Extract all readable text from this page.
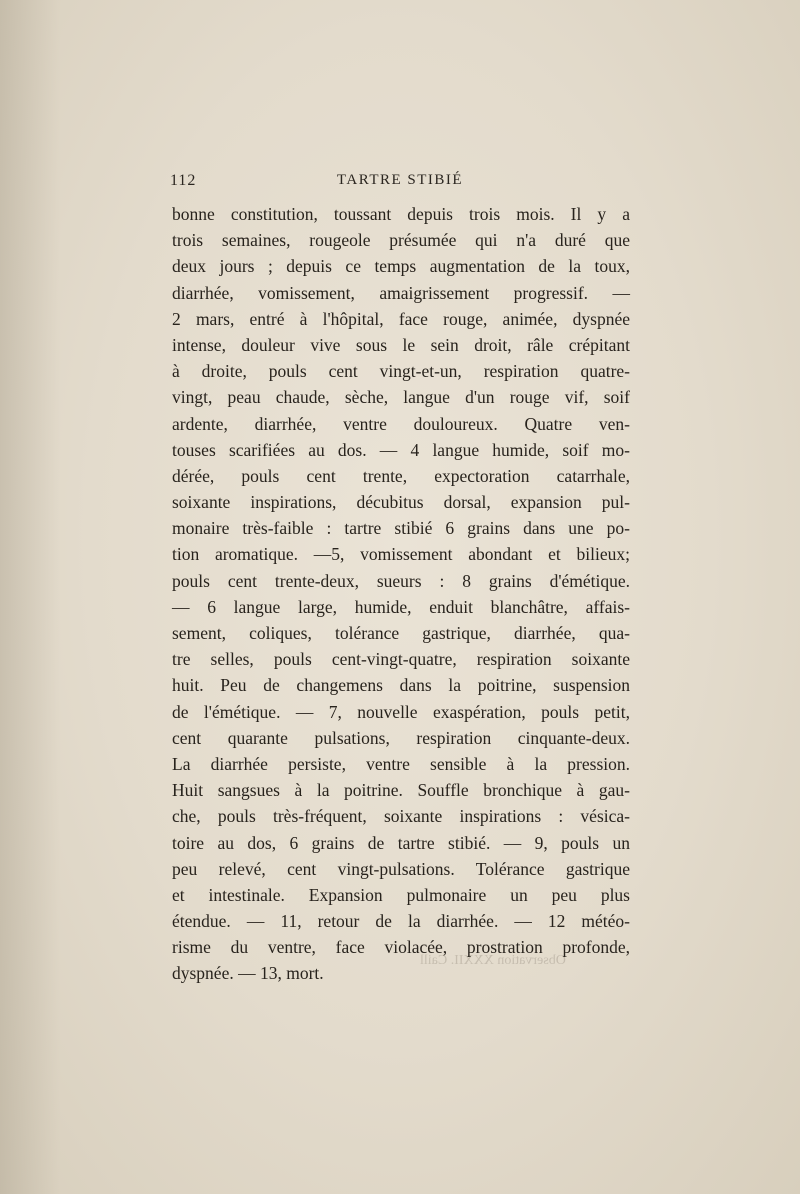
112	TARTRE STIBIÉ
bonne constitution, toussant depuis trois mois. Il y a
trois semaines, rougeole présumée qui n'a duré que
deux jours ; depuis ce temps augmentation de la toux,
diarrhée, vomissement, amaigrissement progressif. —
2 mars, entré à l'hôpital, face rouge, animée, dyspnée
intense, douleur vive sous le sein droit, râle crépitant
à droite, pouls cent vingt-et-un, respiration quatre-
vingt, peau chaude, sèche, langue d'un rouge vif, soif
ardente, diarrhée, ventre douloureux. Quatre ven-
touses scarifiées au dos. — 4 langue humide, soif mo-
dérée, pouls cent trente, expectoration catarrhale,
soixante inspirations, décubitus dorsal, expansion pul-
monaire très-faible : tartre stibié 6 grains dans une po-
tion aromatique. —5, vomissement abondant et bilieux;
pouls cent trente-deux, sueurs : 8 grains d'émétique.
— 6 langue large, humide, enduit blanchâtre, affais-
sement, coliques, tolérance gastrique, diarrhée, qua-
tre selles, pouls cent-vingt-quatre, respiration soixante
huit. Peu de changemens dans la poitrine, suspension
de l'émétique. — 7, nouvelle exaspération, pouls petit,
cent quarante pulsations, respiration cinquante-deux.
La diarrhée persiste, ventre sensible à la pression.
Huit sangsues à la poitrine. Souffle bronchique à gau-
che, pouls très-fréquent, soixante inspirations : vésica-
toire au dos, 6 grains de tartre stibié. — 9, pouls un
peu relevé, cent vingt-pulsations. Tolérance gastrique
et intestinale. Expansion pulmonaire un peu plus
étendue. — 11, retour de la diarrhée. — 12 météo-
risme du ventre, face violacée, prostration profonde,
dyspnée. — 13, mort.
Observation XXXII. Caill
